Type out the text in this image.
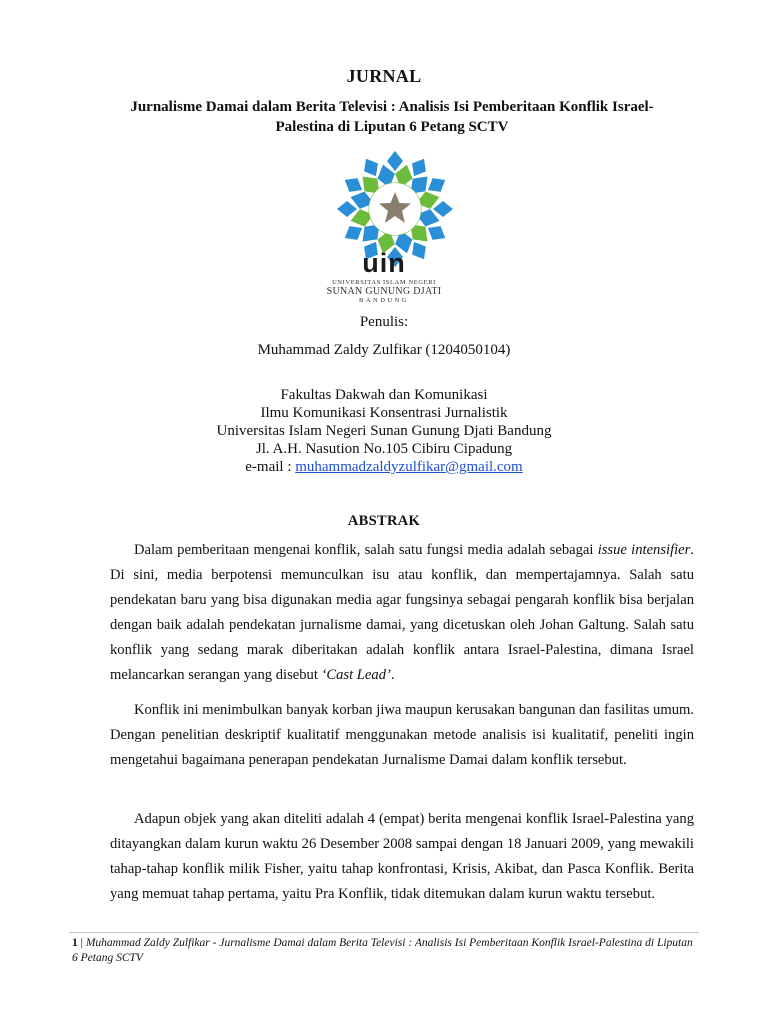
JURNAL
Jurnalisme Damai dalam Berita Televisi : Analisis Isi Pemberitaan Konflik Israel-Palestina di Liputan 6 Petang SCTV
uin
UNIVERSITAS ISLAM NEGERI
SUNAN GUNUNG DJATI
BANDUNG
Penulis:
Muhammad Zaldy Zulfikar (1204050104)
Fakultas Dakwah dan Komunikasi
Ilmu Komunikasi Konsentrasi Jurnalistik
Universitas Islam Negeri Sunan Gunung Djati Bandung
Jl. A.H. Nasution No.105 Cibiru Cipadung
e-mail : muhammadzaldyzulfikar@gmail.com
ABSTRAK

Dalam pemberitaan mengenai konflik, salah satu fungsi media adalah sebagai issue intensifier. Di sini, media berpotensi memunculkan isu atau konflik, dan mempertajamnya. Salah satu pendekatan baru yang bisa digunakan media agar fungsinya sebagai pengarah konflik bisa berjalan dengan baik adalah pendekatan jurnalisme damai, yang dicetuskan oleh Johan Galtung. Salah satu konflik yang sedang marak diberitakan adalah konflik antara Israel-Palestina, dimana Israel melancarkan serangan yang disebut ‘Cast Lead’.

Konflik ini menimbulkan banyak korban jiwa maupun kerusakan bangunan dan fasilitas umum. Dengan penelitian deskriptif kualitatif menggunakan metode analisis isi kualitatif, peneliti ingin mengetahui bagaimana penerapan pendekatan Jurnalisme Damai dalam konflik tersebut.

Adapun objek yang akan diteliti adalah 4 (empat) berita mengenai konflik Israel-Palestina yang ditayangkan dalam kurun waktu 26 Desember 2008 sampai dengan 18 Januari 2009, yang mewakili tahap-tahap konflik milik Fisher, yaitu tahap konfrontasi, Krisis, Akibat, dan Pasca Konflik. Berita yang memuat tahap pertama, yaitu Pra Konflik, tidak ditemukan dalam kurun waktu tersebut.

1 | Muhammad Zaldy Zulfikar - Jurnalisme Damai dalam Berita Televisi : Analisis Isi Pemberitaan Konflik Israel-Palestina di Liputan 6 Petang SCTV
